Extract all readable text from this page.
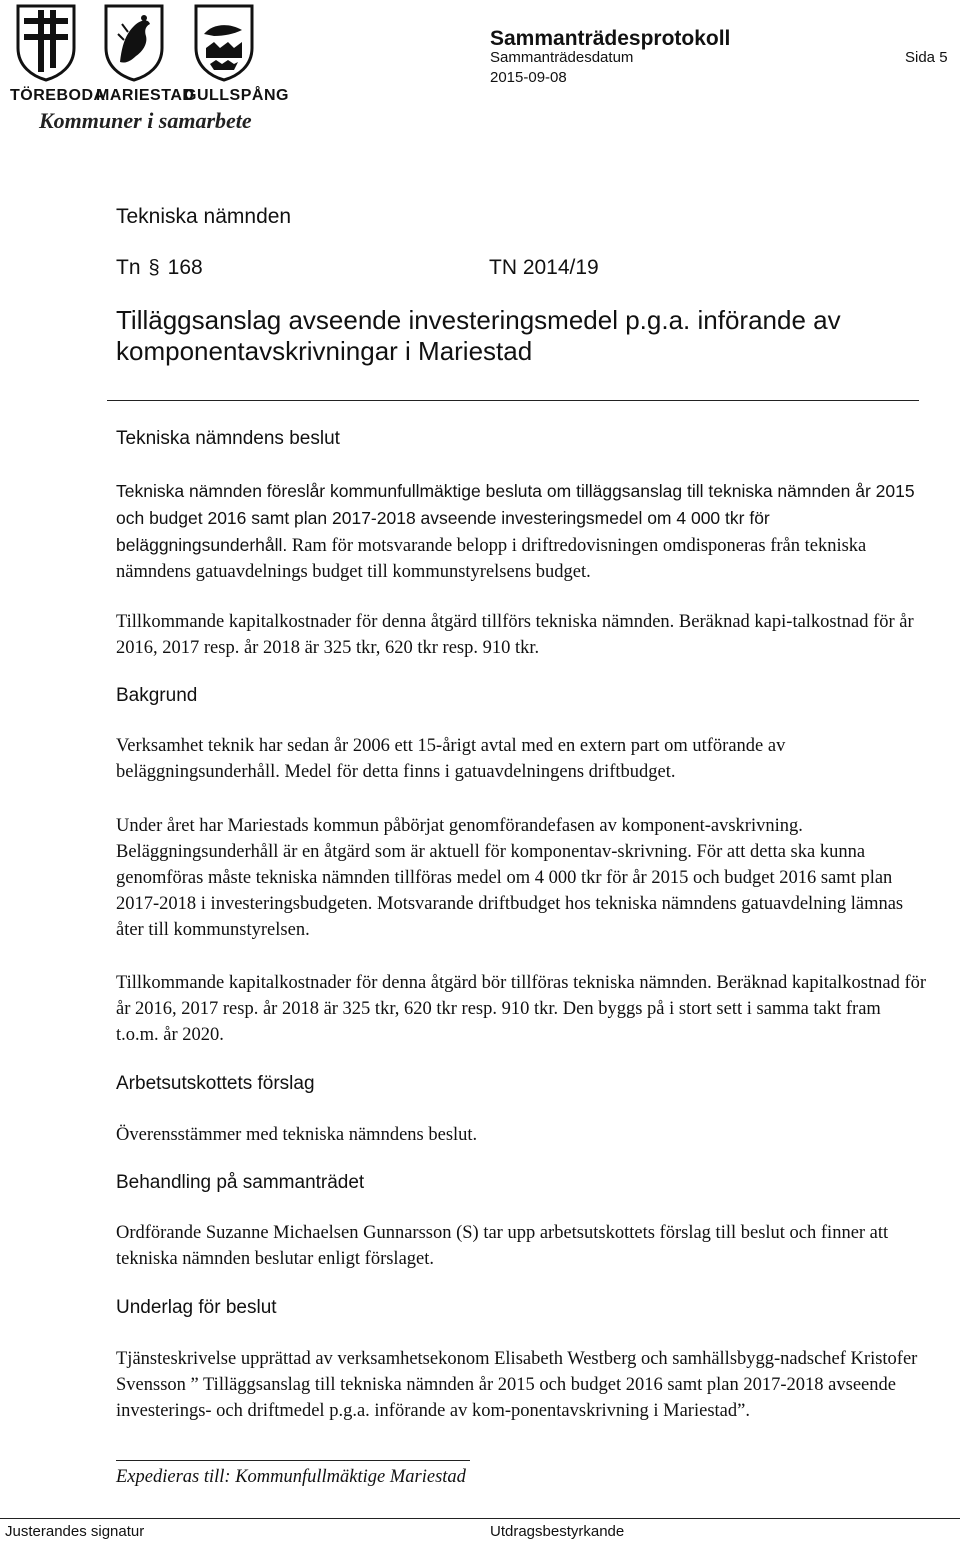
TÖREBODA
MARIESTAD
GULLSPÅNG
Kommuner i samarbete
Sammanträdesprotokoll
Sammanträdesdatum
2015-09-08
Sida 5
Tekniska nämnden
Tn § 168	TN 2014/19
Tilläggsanslag avseende investeringsmedel p.g.a. införande av komponentavskrivningar i Mariestad
Tekniska nämndens beslut

Tekniska nämnden föreslår kommunfullmäktige besluta om tilläggsanslag till tekniska nämnden år 2015 och budget 2016 samt plan 2017-2018 avseende investeringsmedel om 4 000 tkr för beläggningsunderhåll. Ram för motsvarande belopp i driftredovisningen omdisponeras från tekniska nämndens gatuavdelnings budget till kommunstyrelsens budget.

Tillkommande kapitalkostnader för denna åtgärd tillförs tekniska nämnden. Beräknad kapi-talkostnad för år 2016, 2017 resp. år 2018 är 325 tkr, 620 tkr resp. 910 tkr.

Bakgrund

Verksamhet teknik har sedan år 2006 ett 15-årigt avtal med en extern part om utförande av beläggningsunderhåll. Medel för detta finns i gatuavdelningens driftbudget.

Under året har Mariestads kommun påbörjat genomförandefasen av komponent-avskrivning. Beläggningsunderhåll är en åtgärd som är aktuell för komponentav-skrivning. För att detta ska kunna genomföras måste tekniska nämnden tillföras medel om 4 000 tkr för år 2015 och budget 2016 samt plan 2017-2018 i investeringsbudgeten. Motsvarande driftbudget hos tekniska nämndens gatuavdelning lämnas åter till kommunstyrelsen.

Tillkommande kapitalkostnader för denna åtgärd bör tillföras tekniska nämnden. Beräknad kapitalkostnad för år 2016, 2017 resp. år 2018 är 325 tkr, 620 tkr resp. 910 tkr. Den byggs på i stort sett i samma takt fram t.o.m. år 2020.

Arbetsutskottets förslag

Överensstämmer med tekniska nämndens beslut.

Behandling på sammanträdet

Ordförande Suzanne Michaelsen Gunnarsson (S) tar upp arbetsutskottets förslag till beslut och finner att tekniska nämnden beslutar enligt förslaget.

Underlag för beslut

Tjänsteskrivelse upprättad av verksamhetsekonom Elisabeth Westberg och samhällsbygg-nadschef Kristofer Svensson ” Tilläggsanslag till tekniska nämnden år 2015 och budget 2016 samt plan 2017-2018 avseende investerings- och driftmedel p.g.a. införande av kom-ponentavskrivning i Mariestad”.

Expedieras till: Kommunfullmäktige Mariestad
Justerandes signatur	Utdragsbestyrkande
